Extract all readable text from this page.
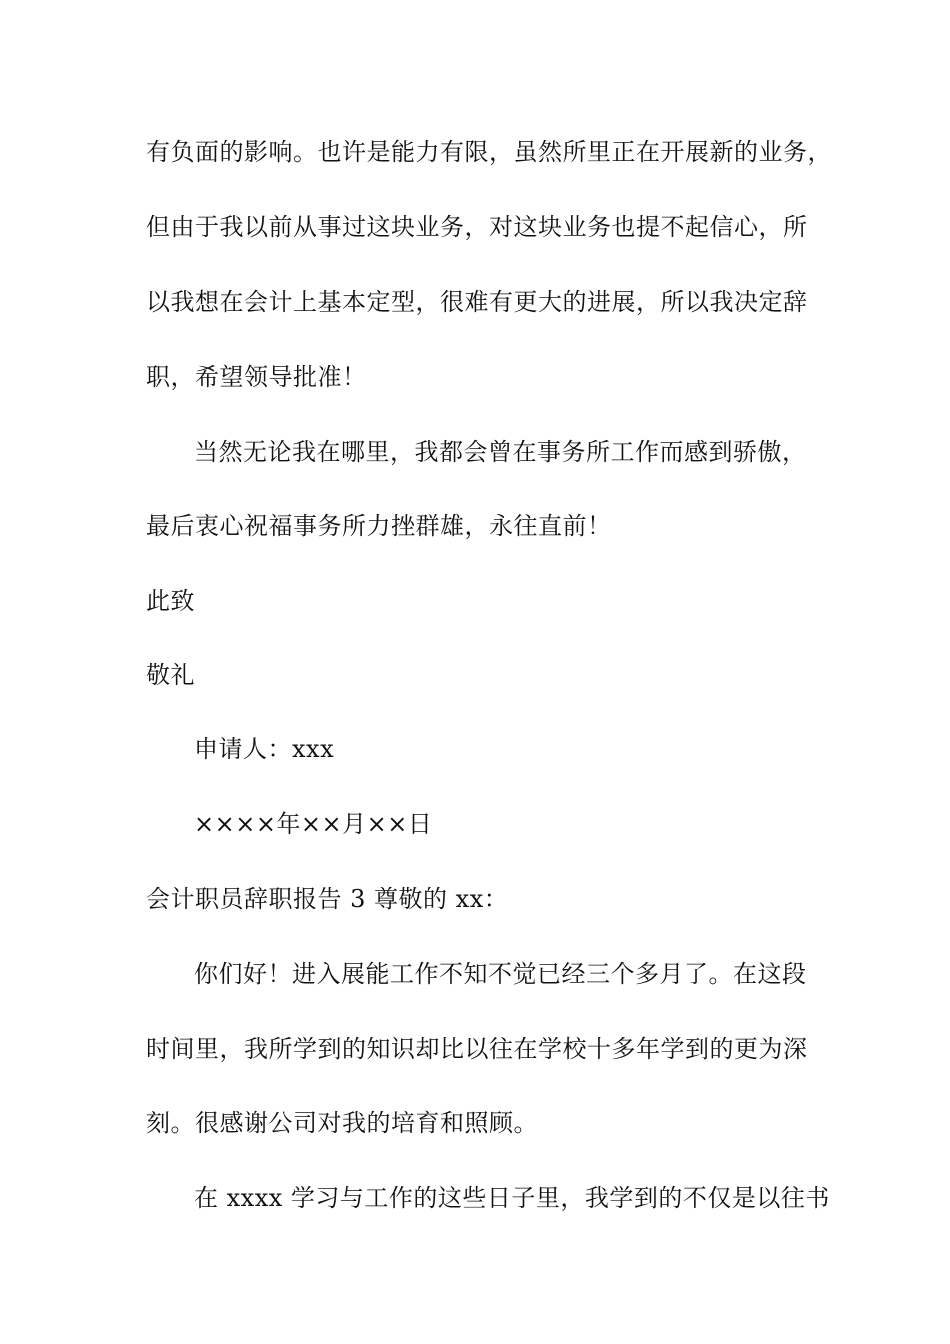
有负面的影响。也许是能力有限，虽然所里正在开展新的业务，
但由于我以前从事过这块业务，对这块业务也提不起信心，所
以我想在会计上基本定型，很难有更大的进展，所以我决定辞
职，希望领导批准！
当然无论我在哪里，我都会曾在事务所工作而感到骄傲，
最后衷心祝福事务所力挫群雄，永往直前！
此致
敬礼
申请人：xxx
××××年××月××日
会计职员辞职报告 3 尊敬的 xx：
你们好！进入展能工作不知不觉已经三个多月了。在这段
时间里，我所学到的知识却比以往在学校十多年学到的更为深
刻。很感谢公司对我的培育和照顾。
在 xxxx 学习与工作的这些日子里，我学到的不仅是以往书
